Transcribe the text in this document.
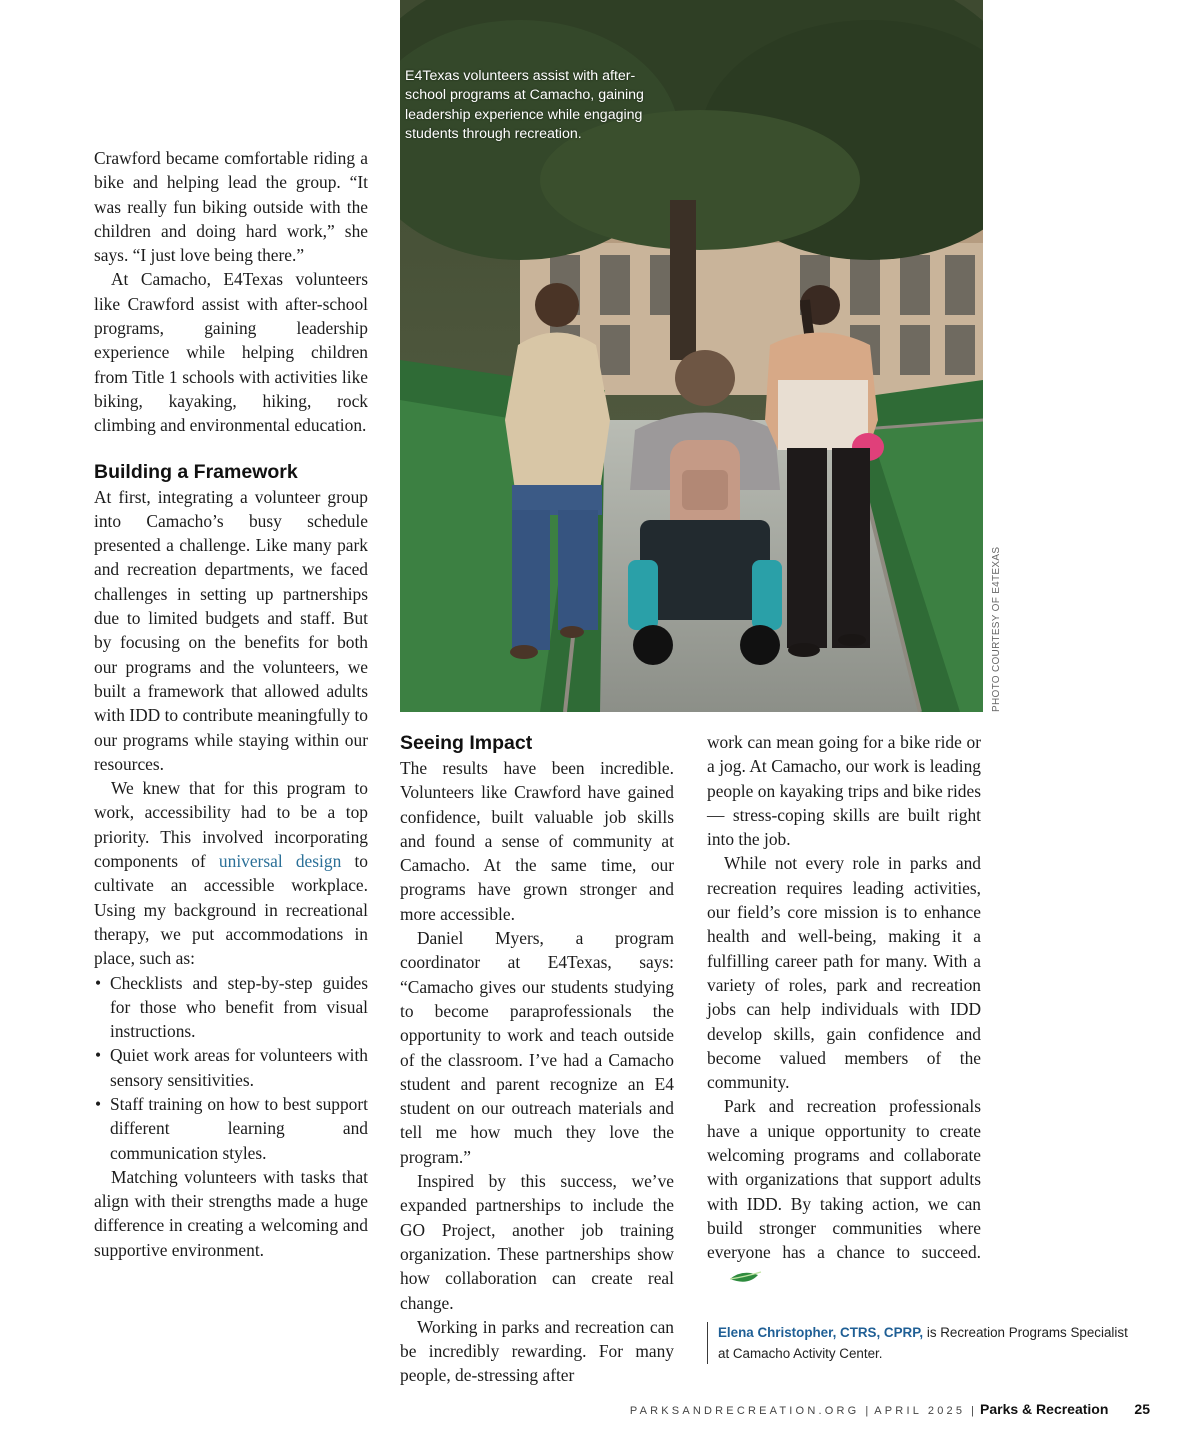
Crawford became comfortable riding a bike and helping lead the group. “It was really fun biking outside with the children and doing hard work,” she says. “I just love being there.”

At Camacho, E4Texas volunteers like Crawford assist with after-school programs, gaining leadership experience while helping children from Title 1 schools with activities like biking, kayaking, hiking, rock climbing and environmental education.

Building a Framework

At first, integrating a volunteer group into Camacho’s busy schedule presented a challenge. Like many park and recreation departments, we faced challenges in setting up partnerships due to limited budgets and staff. But by focusing on the benefits for both our programs and the volunteers, we built a framework that allowed adults with IDD to contribute meaningfully to our programs while staying within our resources.

We knew that for this program to work, accessibility had to be a top priority. This involved incorporating components of universal design to cultivate an accessible workplace. Using my background in recreational therapy, we put accommodations in place, such as:

• Checklists and step-by-step guides for those who benefit from visual instructions.
• Quiet work areas for volunteers with sensory sensitivities.
• Staff training on how to best support different learning and communication styles.

Matching volunteers with tasks that align with their strengths made a huge difference in creating a welcoming and supportive environment.

E4Texas volunteers assist with after-school programs at Camacho, gaining leadership experience while engaging students through recreation.
PHOTO COURTESY OF E4TEXAS
Seeing Impact

The results have been incredible. Volunteers like Crawford have gained confidence, built valuable job skills and found a sense of community at Camacho. At the same time, our programs have grown stronger and more accessible.

Daniel Myers, a program coordinator at E4Texas, says: “Camacho gives our students studying to become paraprofessionals the opportunity to work and teach outside of the classroom. I’ve had a Camacho student and parent recognize an E4 student on our outreach materials and tell me how much they love the program.”

Inspired by this success, we’ve expanded partnerships to include the GO Project, another job training organization. These partnerships show how collaboration can create real change.

Working in parks and recreation can be incredibly rewarding. For many people, de-stressing after

work can mean going for a bike ride or a jog. At Camacho, our work is leading people on kayaking trips and bike rides — stress-coping skills are built right into the job.

While not every role in parks and recreation requires leading activities, our field’s core mission is to enhance health and well-being, making it a fulfilling career path for many. With a variety of roles, park and recreation jobs can help individuals with IDD develop skills, gain confidence and become valued members of the community.

Park and recreation professionals have a unique opportunity to create welcoming programs and collaborate with organizations that support adults with IDD. By taking action, we can build stronger communities where everyone has a chance to succeed.

Elena Christopher, CTRS, CPRP, is Recreation Programs Specialist at Camacho Activity Center.
PARKSANDRECREATION.ORG | APRIL 2025 | Parks & Recreation 25
